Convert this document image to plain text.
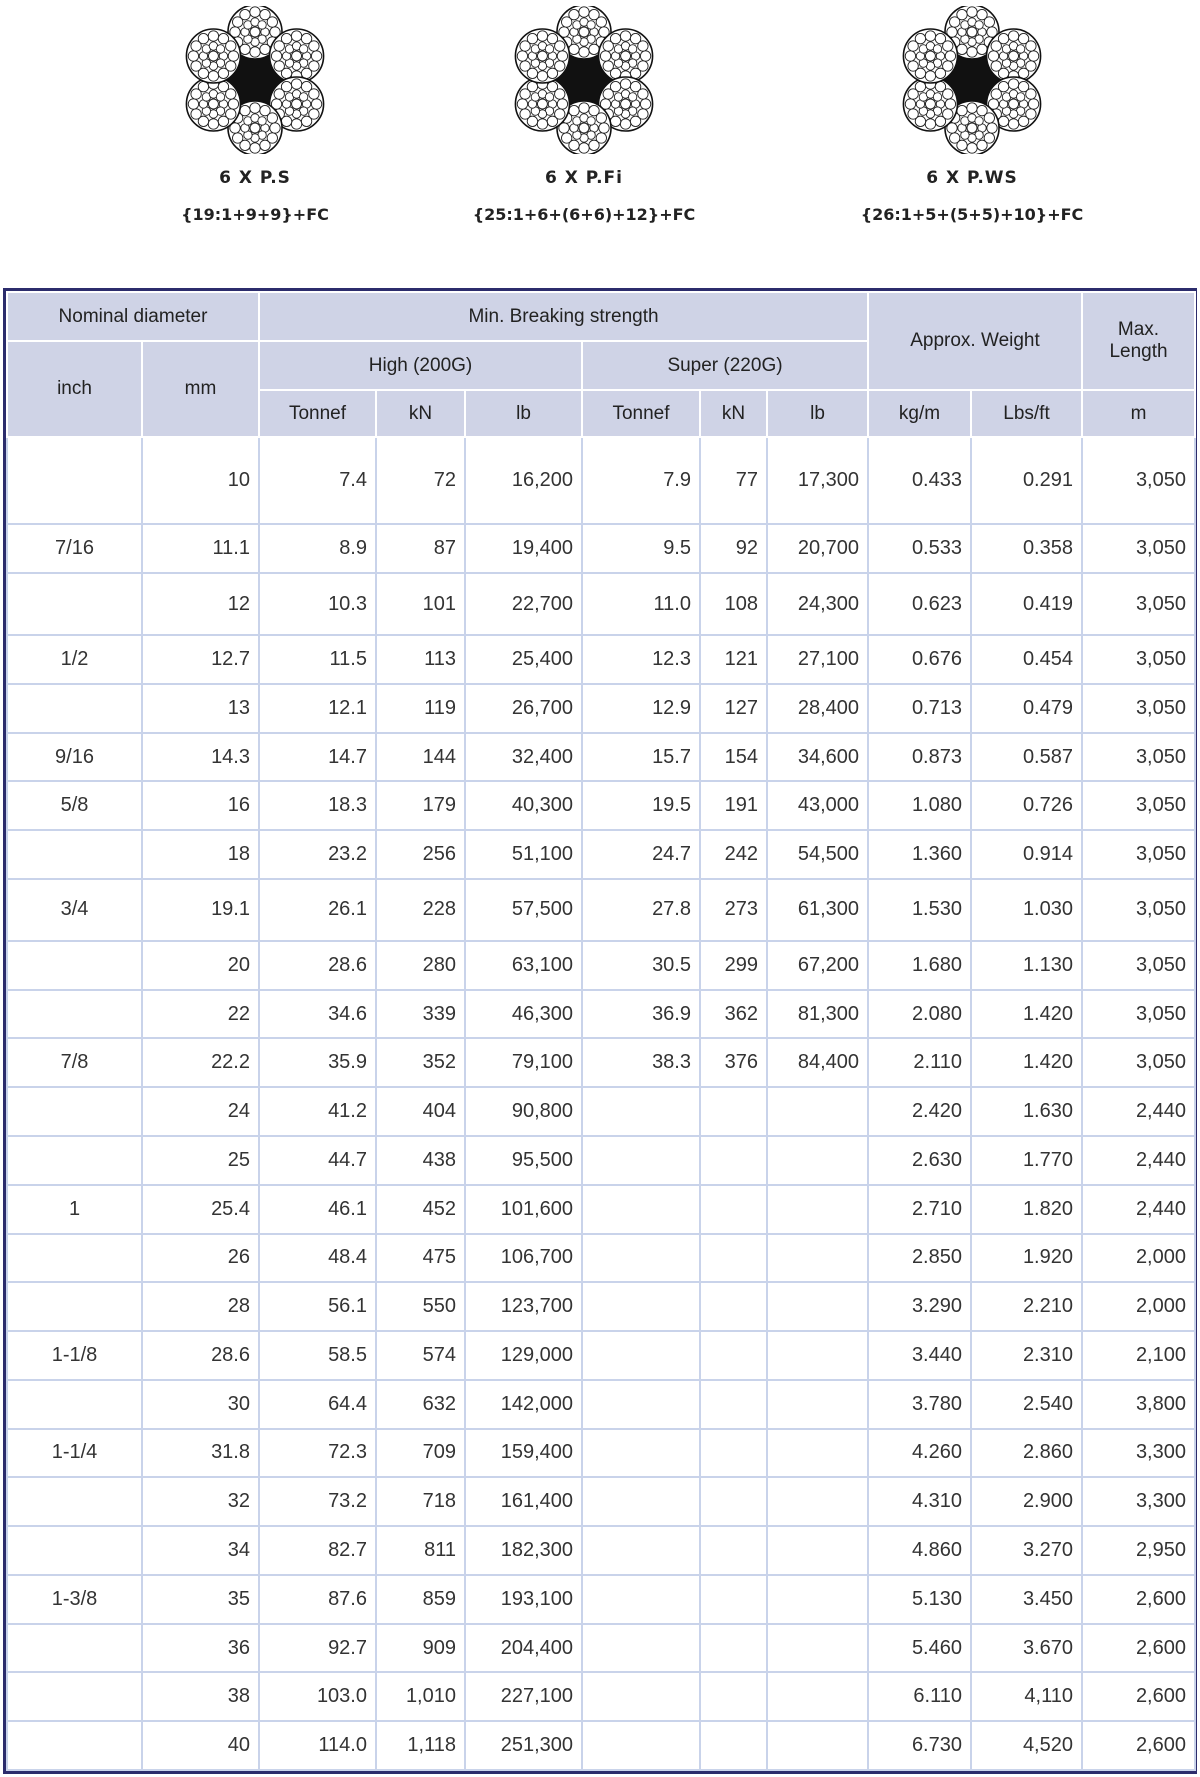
6 X P.S
{19:1+9+9}+FC
6 X P.Fi
{25:1+6+(6+6)+12}+FC
6 X P.WS
{26:1+5+(5+5)+10}+FC
Nominal diameter		Min. Breaking strength						Approx. Weight		Max.
Length
inch	mm	High (200G)			Super (220G)					
		Tonnef	kN	lb	Tonnef	kN	lb	kg/m	Lbs/ft	m
	10	7.4	72	16,200	7.9	77	17,300	0.433	0.291	3,050
7/16	11.1	8.9	87	19,400	9.5	92	20,700	0.533	0.358	3,050
	12	10.3	101	22,700	11.0	108	24,300	0.623	0.419	3,050
1/2	12.7	11.5	113	25,400	12.3	121	27,100	0.676	0.454	3,050
	13	12.1	119	26,700	12.9	127	28,400	0.713	0.479	3,050
9/16	14.3	14.7	144	32,400	15.7	154	34,600	0.873	0.587	3,050
5/8	16	18.3	179	40,300	19.5	191	43,000	1.080	0.726	3,050
	18	23.2	256	51,100	24.7	242	54,500	1.360	0.914	3,050
3/4	19.1	26.1	228	57,500	27.8	273	61,300	1.530	1.030	3,050
	20	28.6	280	63,100	30.5	299	67,200	1.680	1.130	3,050
	22	34.6	339	46,300	36.9	362	81,300	2.080	1.420	3,050
7/8	22.2	35.9	352	79,100	38.3	376	84,400	2.110	1.420	3,050
	24	41.2	404	90,800				2.420	1.630	2,440
	25	44.7	438	95,500				2.630	1.770	2,440
1	25.4	46.1	452	101,600				2.710	1.820	2,440
	26	48.4	475	106,700				2.850	1.920	2,000
	28	56.1	550	123,700				3.290	2.210	2,000
1-1/8	28.6	58.5	574	129,000				3.440	2.310	2,100
	30	64.4	632	142,000				3.780	2.540	3,800
1-1/4	31.8	72.3	709	159,400				4.260	2.860	3,300
	32	73.2	718	161,400				4.310	2.900	3,300
	34	82.7	811	182,300				4.860	3.270	2,950
1-3/8	35	87.6	859	193,100				5.130	3.450	2,600
	36	92.7	909	204,400				5.460	3.670	2,600
	38	103.0	1,010	227,100				6.110	4,110	2,600
	40	114.0	1,118	251,300				6.730	4,520	2,600
